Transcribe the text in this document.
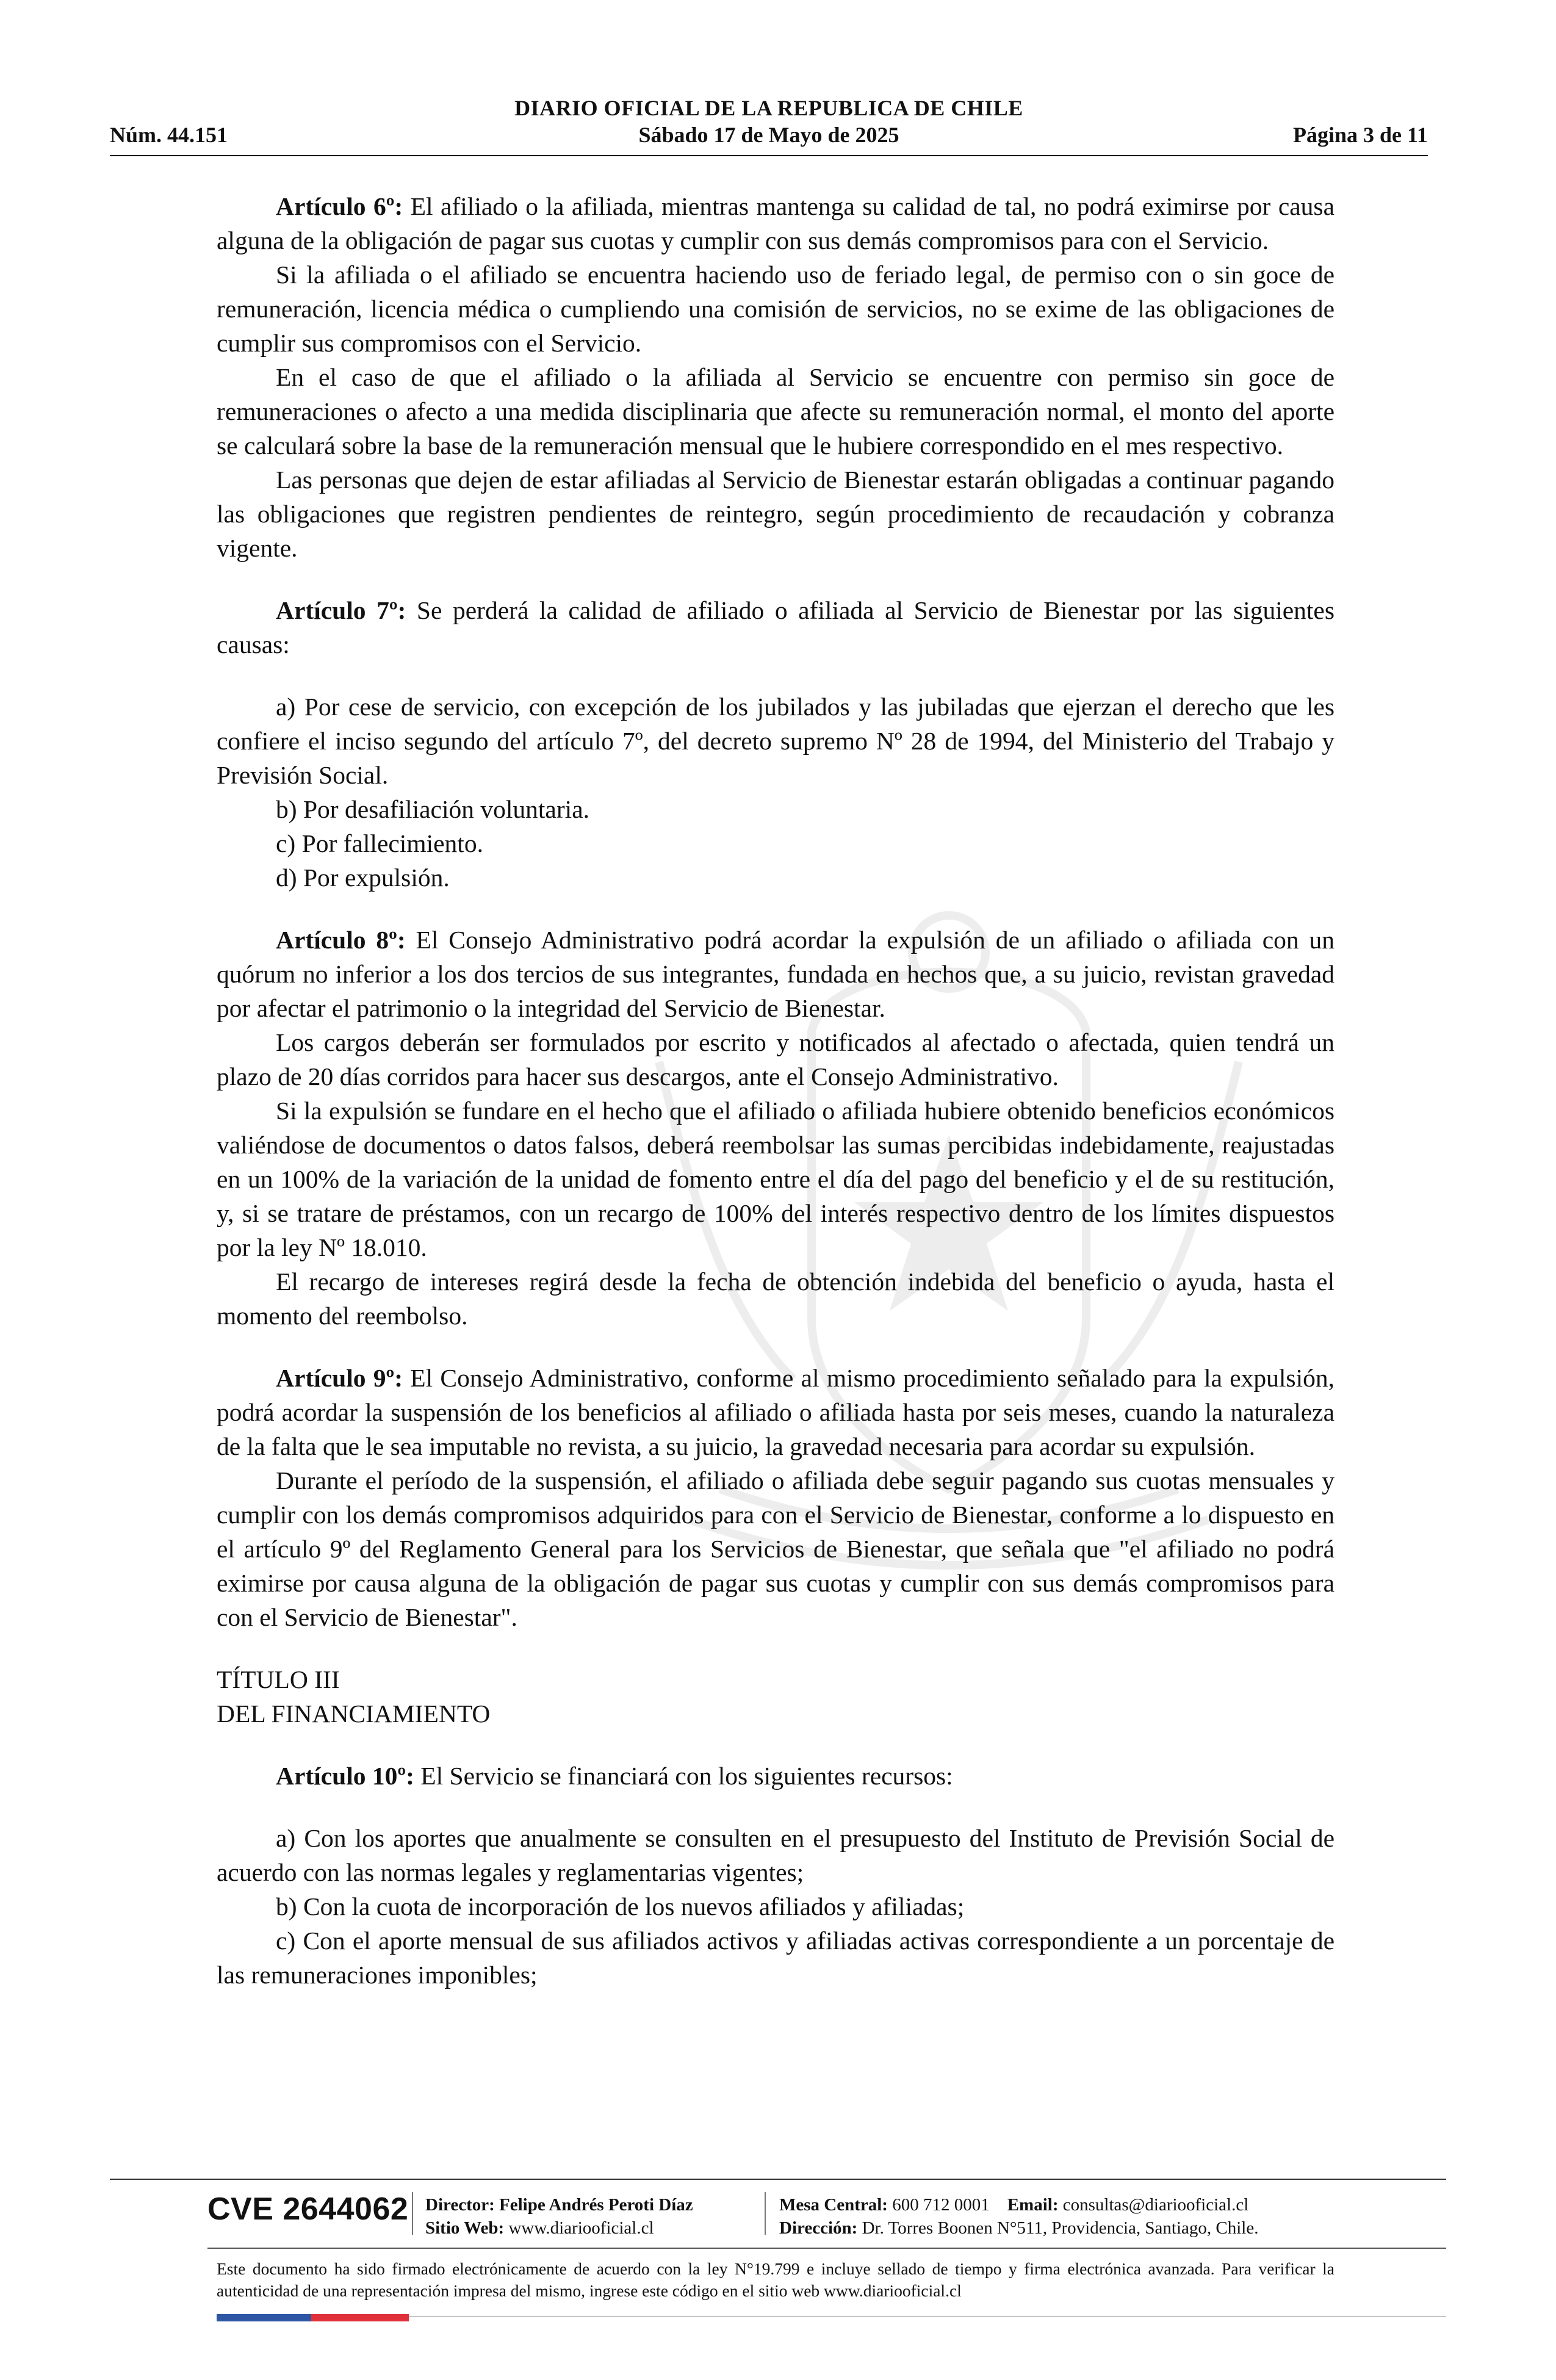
DIARIO OFICIAL DE LA REPUBLICA DE CHILE
Núm. 44.151	Sábado 17 de Mayo de 2025	Página 3 de 11

Artículo 6º: El afiliado o la afiliada, mientras mantenga su calidad de tal, no podrá eximirse por causa alguna de la obligación de pagar sus cuotas y cumplir con sus demás compromisos para con el Servicio.

Si la afiliada o el afiliado se encuentra haciendo uso de feriado legal, de permiso con o sin goce de remuneración, licencia médica o cumpliendo una comisión de servicios, no se exime de las obligaciones de cumplir sus compromisos con el Servicio.

En el caso de que el afiliado o la afiliada al Servicio se encuentre con permiso sin goce de remuneraciones o afecto a una medida disciplinaria que afecte su remuneración normal, el monto del aporte se calculará sobre la base de la remuneración mensual que le hubiere correspondido en el mes respectivo.

Las personas que dejen de estar afiliadas al Servicio de Bienestar estarán obligadas a continuar pagando las obligaciones que registren pendientes de reintegro, según procedimiento de recaudación y cobranza vigente.

Artículo 7º: Se perderá la calidad de afiliado o afiliada al Servicio de Bienestar por las siguientes causas:

a) Por cese de servicio, con excepción de los jubilados y las jubiladas que ejerzan el derecho que les confiere el inciso segundo del artículo 7º, del decreto supremo Nº 28 de 1994, del Ministerio del Trabajo y Previsión Social.

b) Por desafiliación voluntaria.

c) Por fallecimiento.

d) Por expulsión.

Artículo 8º: El Consejo Administrativo podrá acordar la expulsión de un afiliado o afiliada con un quórum no inferior a los dos tercios de sus integrantes, fundada en hechos que, a su juicio, revistan gravedad por afectar el patrimonio o la integridad del Servicio de Bienestar.

Los cargos deberán ser formulados por escrito y notificados al afectado o afectada, quien tendrá un plazo de 20 días corridos para hacer sus descargos, ante el Consejo Administrativo.

Si la expulsión se fundare en el hecho que el afiliado o afiliada hubiere obtenido beneficios económicos valiéndose de documentos o datos falsos, deberá reembolsar las sumas percibidas indebidamente, reajustadas en un 100% de la variación de la unidad de fomento entre el día del pago del beneficio y el de su restitución, y, si se tratare de préstamos, con un recargo de 100% del interés respectivo dentro de los límites dispuestos por la ley Nº 18.010.

El recargo de intereses regirá desde la fecha de obtención indebida del beneficio o ayuda, hasta el momento del reembolso.

Artículo 9º: El Consejo Administrativo, conforme al mismo procedimiento señalado para la expulsión, podrá acordar la suspensión de los beneficios al afiliado o afiliada hasta por seis meses, cuando la naturaleza de la falta que le sea imputable no revista, a su juicio, la gravedad necesaria para acordar su expulsión.

Durante el período de la suspensión, el afiliado o afiliada debe seguir pagando sus cuotas mensuales y cumplir con los demás compromisos adquiridos para con el Servicio de Bienestar, conforme a lo dispuesto en el artículo 9º del Reglamento General para los Servicios de Bienestar, que señala que "el afiliado no podrá eximirse por causa alguna de la obligación de pagar sus cuotas y cumplir con sus demás compromisos para con el Servicio de Bienestar".

TÍTULO III

DEL FINANCIAMIENTO

Artículo 10º: El Servicio se financiará con los siguientes recursos:

a) Con los aportes que anualmente se consulten en el presupuesto del Instituto de Previsión Social de acuerdo con las normas legales y reglamentarias vigentes;

b) Con la cuota de incorporación de los nuevos afiliados y afiliadas;

c) Con el aporte mensual de sus afiliados activos y afiliadas activas correspondiente a un porcentaje de las remuneraciones imponibles;

CVE 2644062 Director: Felipe Andrés Peroti Díaz
Sitio Web: www.diariooficial.cl
Mesa Central: 600 712 0001 Email: consultas@diariooficial.cl
Dirección: Dr. Torres Boonen N°511, Providencia, Santiago, Chile.
Este documento ha sido firmado electrónicamente de acuerdo con la ley N°19.799 e incluye sellado de tiempo y firma electrónica avanzada. Para verificar la autenticidad de una representación impresa del mismo, ingrese este código en el sitio web www.diariooficial.cl
